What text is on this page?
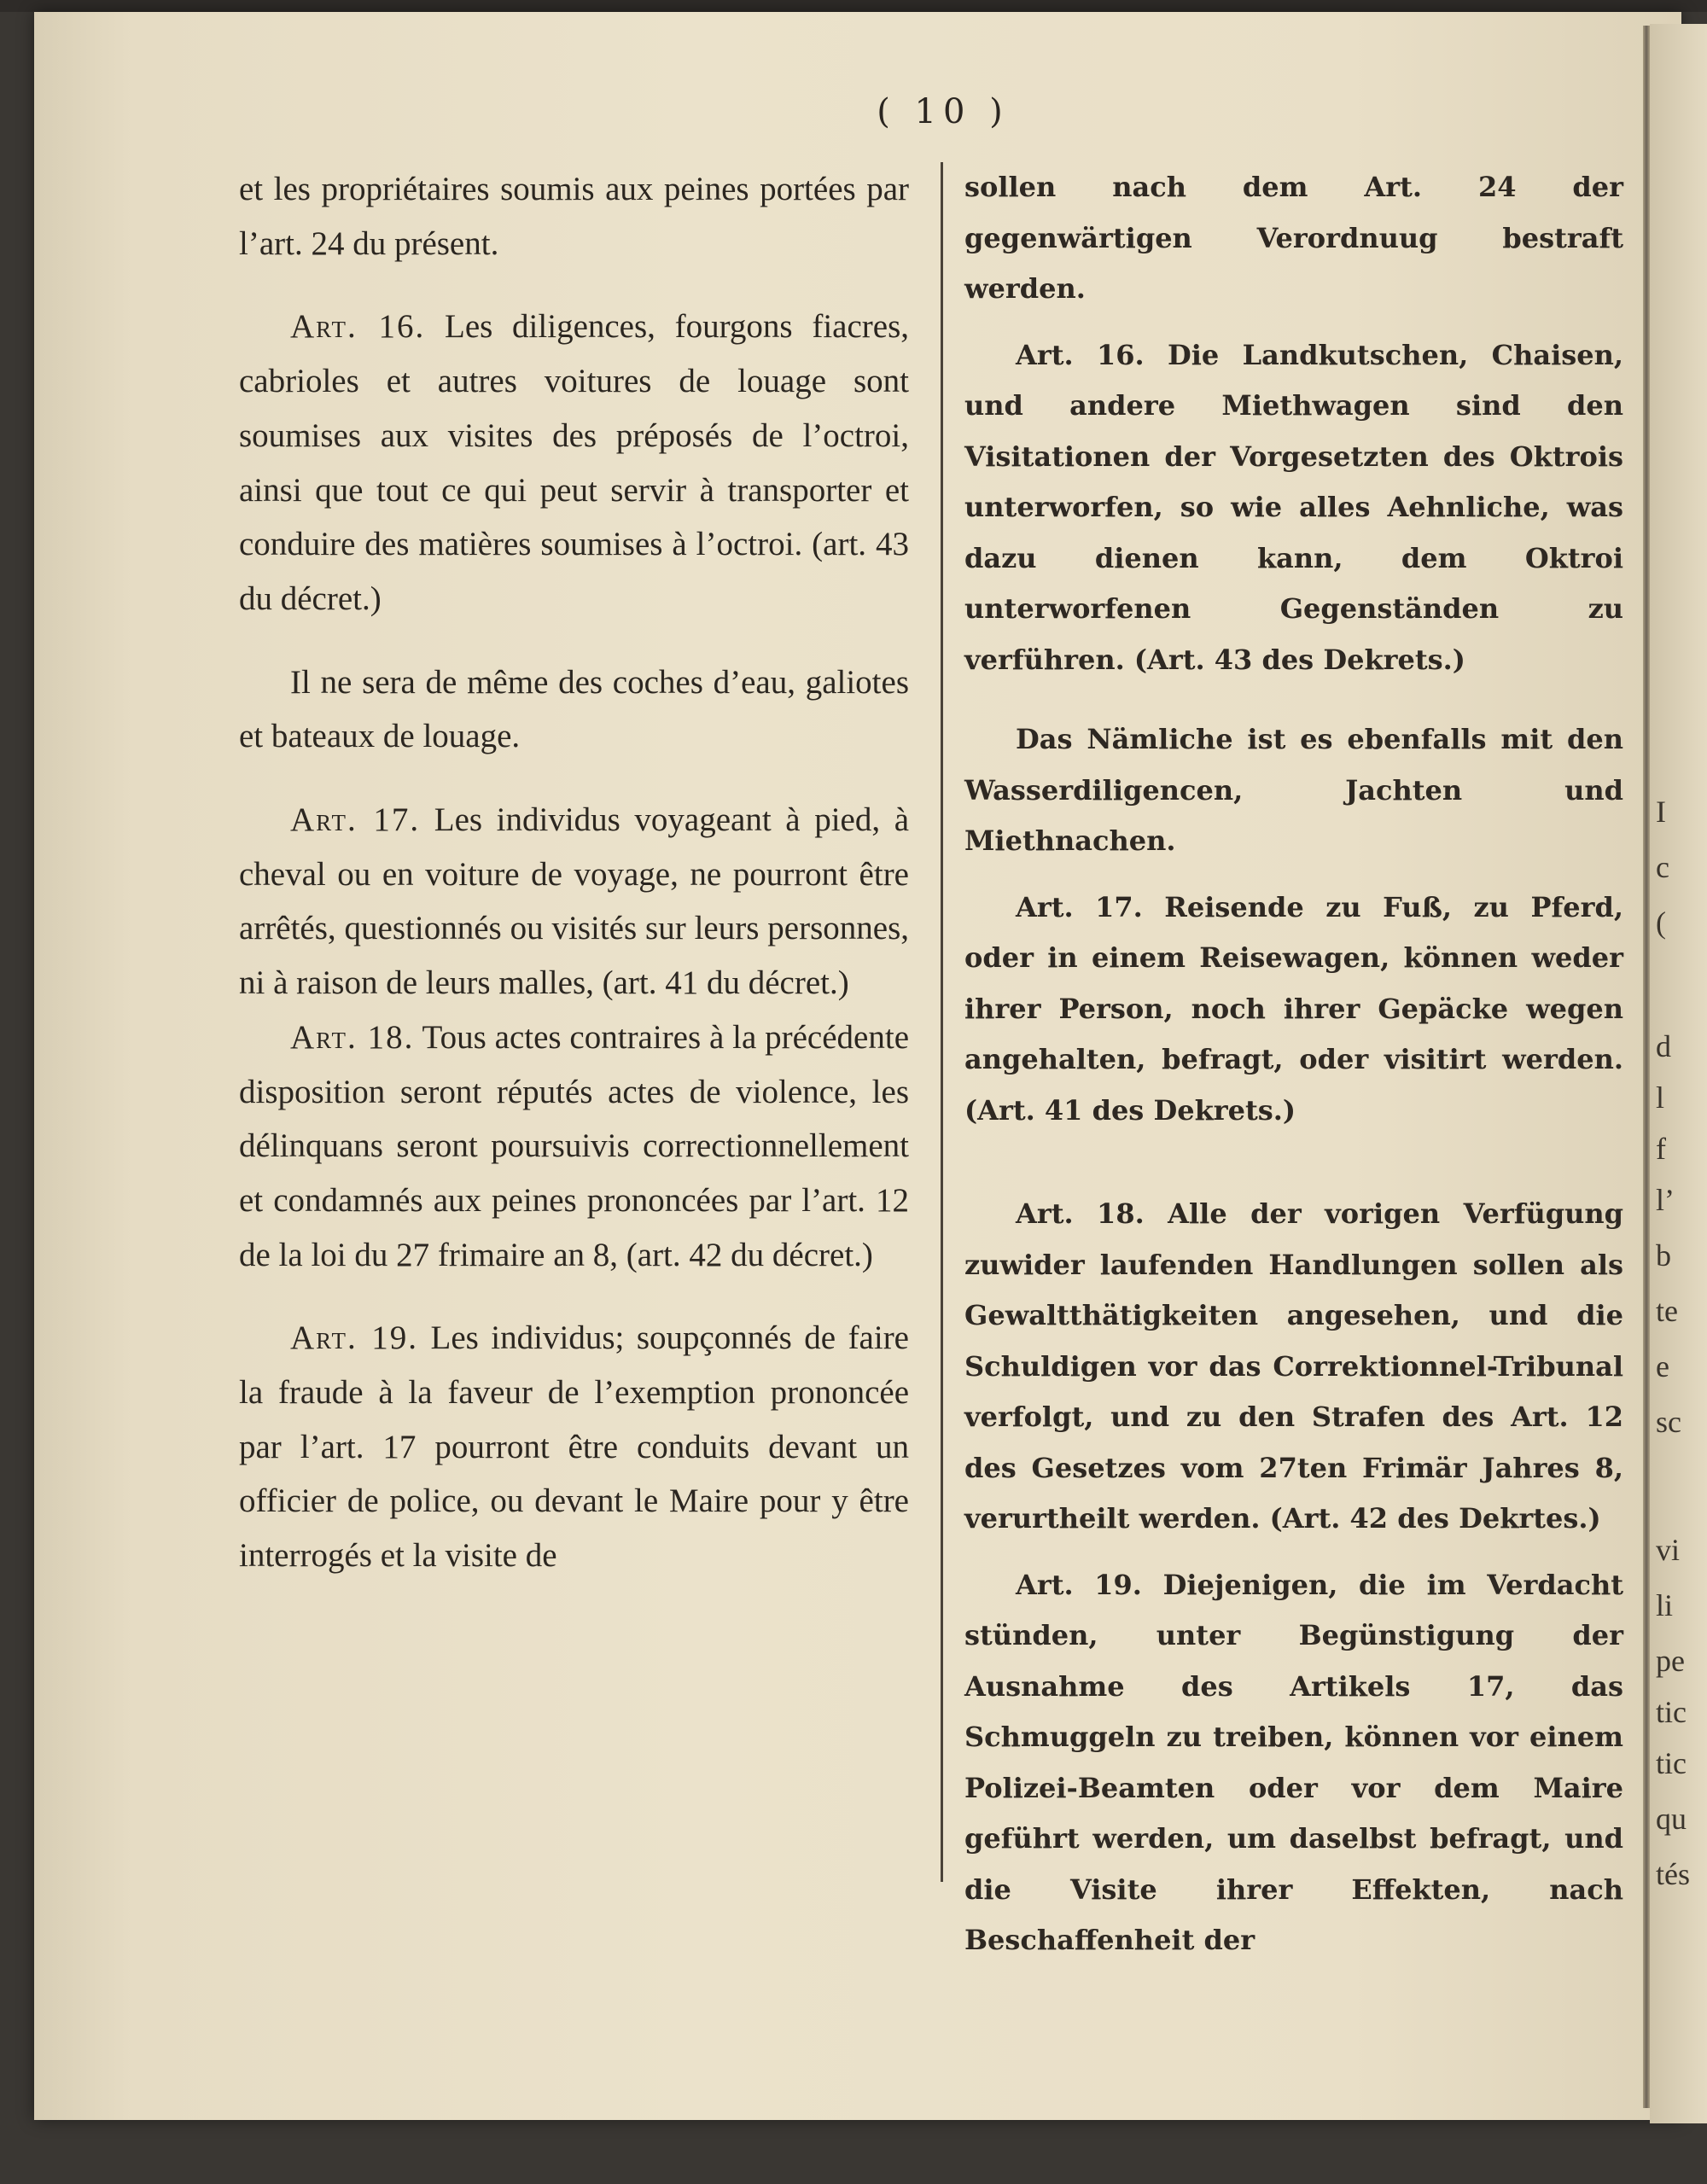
( 10 )

et les propriétaires soumis aux peines portées par l’art. 24 du présent.

Art. 16. Les diligences, fourgons fiacres, cabrioles et autres voitures de louage sont soumises aux visites des préposés de l’octroi, ainsi que tout ce qui peut servir à transporter et conduire des matières soumises à l’octroi. (art. 43 du décret.)

Il ne sera de même des coches d’eau, galiotes et bateaux de louage.

Art. 17. Les individus voyageant à pied, à cheval ou en voiture de voyage, ne pourront être arrêtés, questionnés ou visités sur leurs personnes, ni à raison de leurs malles, (art. 41 du décret.)

Art. 18. Tous actes contraires à la précédente disposition seront réputés actes de violence, les délinquans seront poursuivis correctionnellement et condamnés aux peines prononcées par l’art. 12 de la loi du 27 frimaire an 8, (art. 42 du décret.)

Art. 19. Les individus; soupçonnés de faire la fraude à la faveur de l’exemption prononcée par l’art. 17 pourront être conduits devant un officier de police, ou devant le Maire pour y être interrogés et la visite de

sollen nach dem Art. 24 der gegenwärtigen Verordnuug bestraft werden.

Art. 16. Die Landkutschen, Chaisen, und andere Miethwagen sind den Visitationen der Vorgesetzten des Oktrois unterworfen, so wie alles Aehnliche, was dazu dienen kann, dem Oktroi unterworfenen Gegenständen zu verführen. (Art. 43 des Dekrets.)

Das Nämliche ist es ebenfalls mit den Wasserdiligencen, Jachten und Miethnachen.

Art. 17. Reisende zu Fuß, zu Pferd, oder in einem Reisewagen, können weder ihrer Person, noch ihrer Gepäcke wegen angehalten, befragt, oder visitirt werden. (Art. 41 des Dekrets.)

Art. 18. Alle der vorigen Verfügung zuwider laufenden Handlungen sollen als Gewaltthätigkeiten angesehen, und die Schuldigen vor das Correktionnel-Tribunal verfolgt, und zu den Strafen des Art. 12 des Gesetzes vom 27ten Frimär Jahres 8, verurtheilt werden. (Art. 42 des Dekrtes.)

Art. 19. Diejenigen, die im Verdacht stünden, unter Begünstigung der Ausnahme des Artikels 17, das Schmuggeln zu treiben, können vor einem Polizei-Beamten oder vor dem Maire geführt werden, um daselbst befragt, und die Visite ihrer Effekten, nach Beschaffenheit der

I
c
(
d
l
f
l’
b
te
e
sc
vi
li
pe
tic
tic
qu
tés
